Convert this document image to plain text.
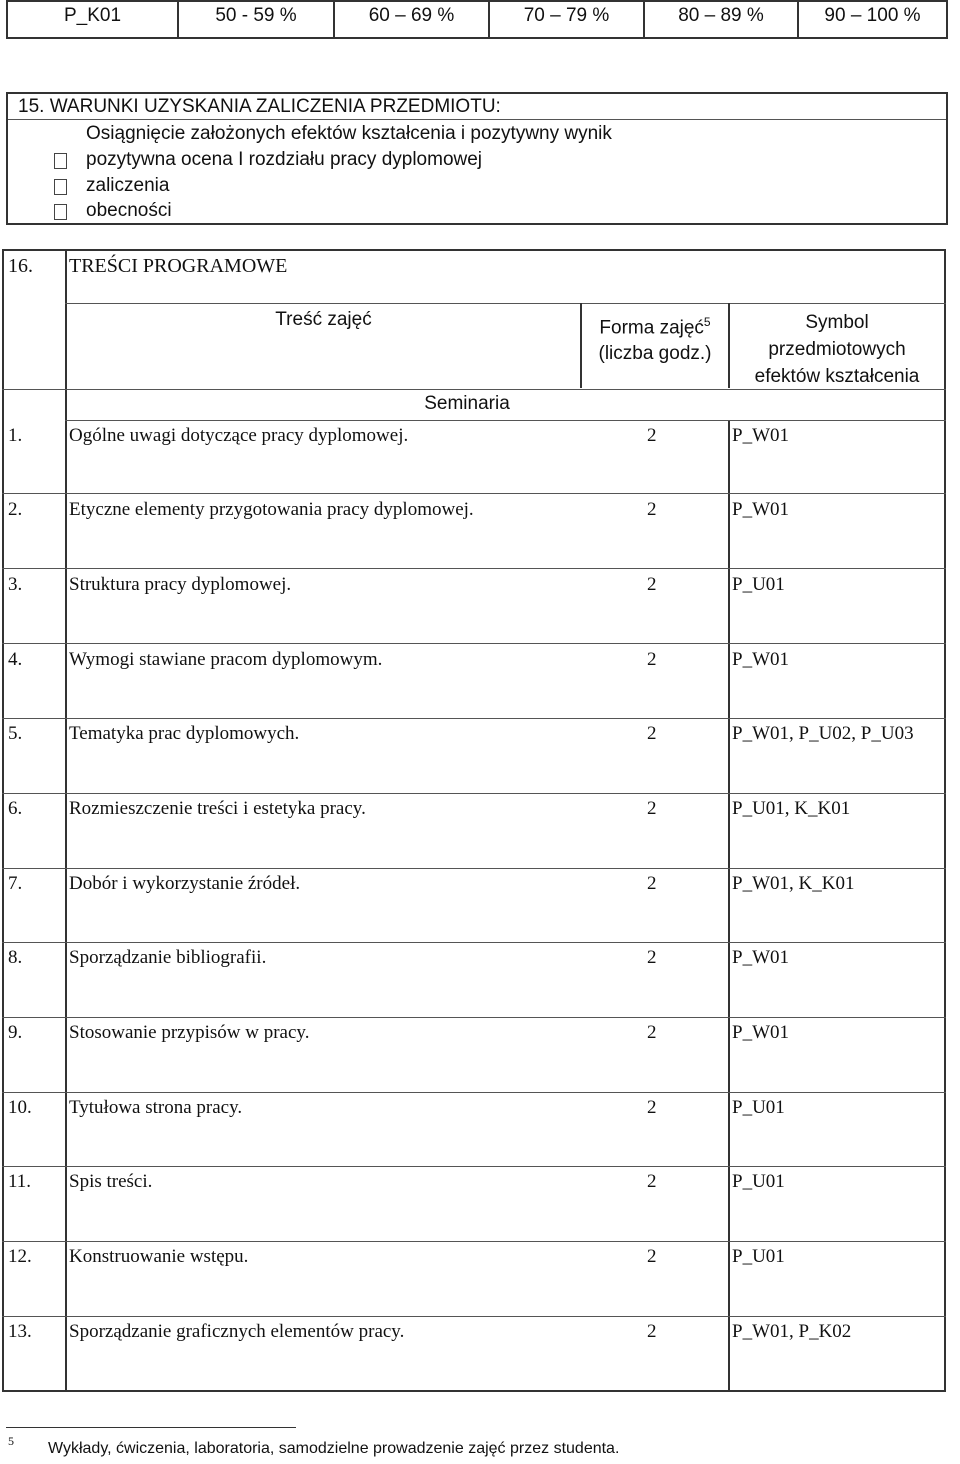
P_K01	50 - 59 %	60 – 69 %	70 – 79 %	80 – 89 %	90 – 100 %
15. WARUNKI UZYSKANIA ZALICZENIA PRZEDMIOTU:
Osiągnięcie założonych efektów kształcenia i pozytywny wynik
pozytywna ocena I rozdziału pracy dyplomowej
zaliczenia
obecności
16. TREŚCI PROGRAMOWE
Treść zajęć	Forma zajęć$^5$
(liczba godz.)
Symbol
przedmiotowych
efektów kształcenia
Seminaria
1. Ogólne uwagi dotyczące pracy dyplomowej.	2	P_W01
2. Etyczne elementy przygotowania pracy dyplomowej.	2	P_W01
3. Struktura pracy dyplomowej.	2	P_U01
4. Wymogi stawiane pracom dyplomowym.	2	P_W01
5. Tematyka prac dyplomowych.	2	P_W01, P_U02, P_U03
6. Rozmieszczenie treści i estetyka pracy.	2	P_U01, K_K01
7. Dobór i wykorzystanie źródeł.	2	P_W01, K_K01
8. Sporządzanie bibliografii.	2	P_W01
9. Stosowanie przypisów w pracy.	2	P_W01
10. Tytułowa strona pracy.	2	P_U01
11. Spis treści.	2	P_U01
12. Konstruowanie wstępu.	2	P_U01
13. Sporządzanie graficznych elementów pracy.	2	P_W01, P_K02
5 Wykłady, ćwiczenia, laboratoria, samodzielne prowadzenie zajęć przez studenta.
